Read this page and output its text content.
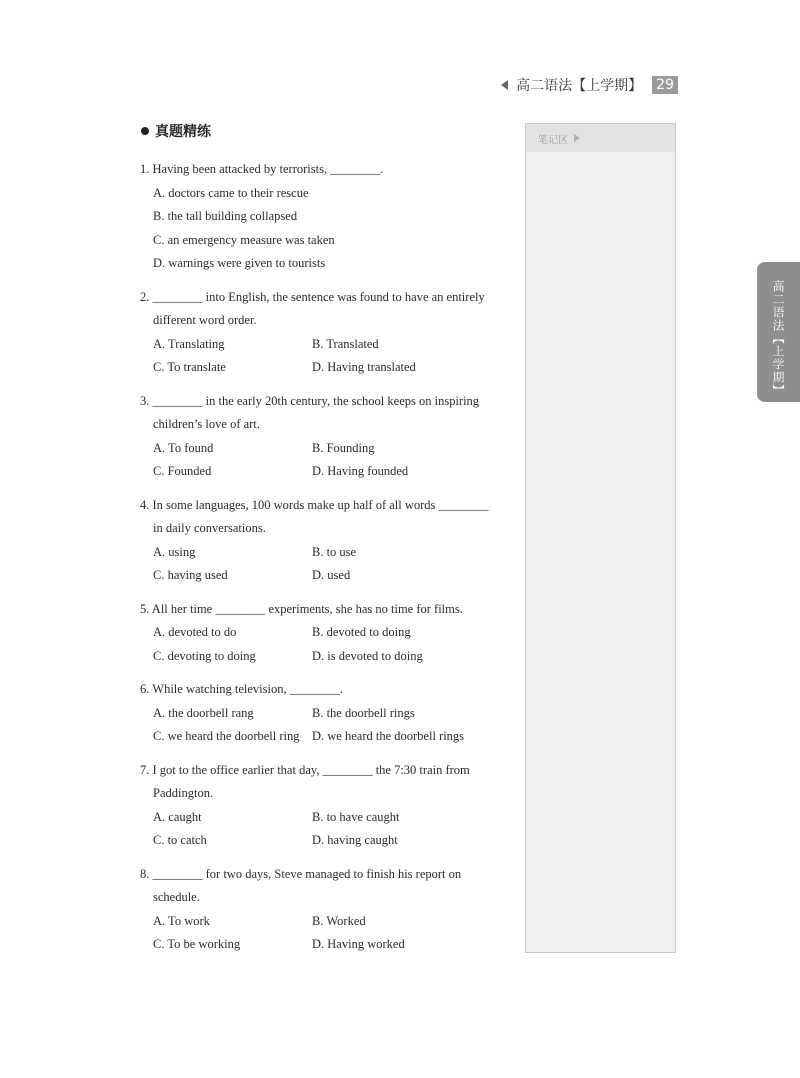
高二语法【上学期】 29
真题精练
1. Having been attacked by terrorists, ________.
A. doctors came to their rescue
B. the tall building collapsed
C. an emergency measure was taken
D. warnings were given to tourists
2. ________ into English, the sentence was found to have an entirely
different word order.
A. Translating	B. Translated
C. To translate	D. Having translated
3. ________ in the early 20th century, the school keeps on inspiring
children’s love of art.
A. To found	B. Founding
C. Founded	D. Having founded
4. In some languages, 100 words make up half of all words ________
in daily conversations.
A. using	B. to use
C. having used	D. used
5. All her time ________ experiments, she has no time for films.
A. devoted to do	B. devoted to doing
C. devoting to doing	D. is devoted to doing
6. While watching television, ________.
A. the doorbell rang	B. the doorbell rings
C. we heard the doorbell ring	D. we heard the doorbell rings
7. I got to the office earlier that day, ________ the 7:30 train from
Paddington.
A. caught	B. to have caught
C. to catch	D. having caught
8. ________ for two days, Steve managed to finish his report on
schedule.
A. To work	B. Worked
C. To be working	D. Having worked
笔记区
高二语法【上学期】
